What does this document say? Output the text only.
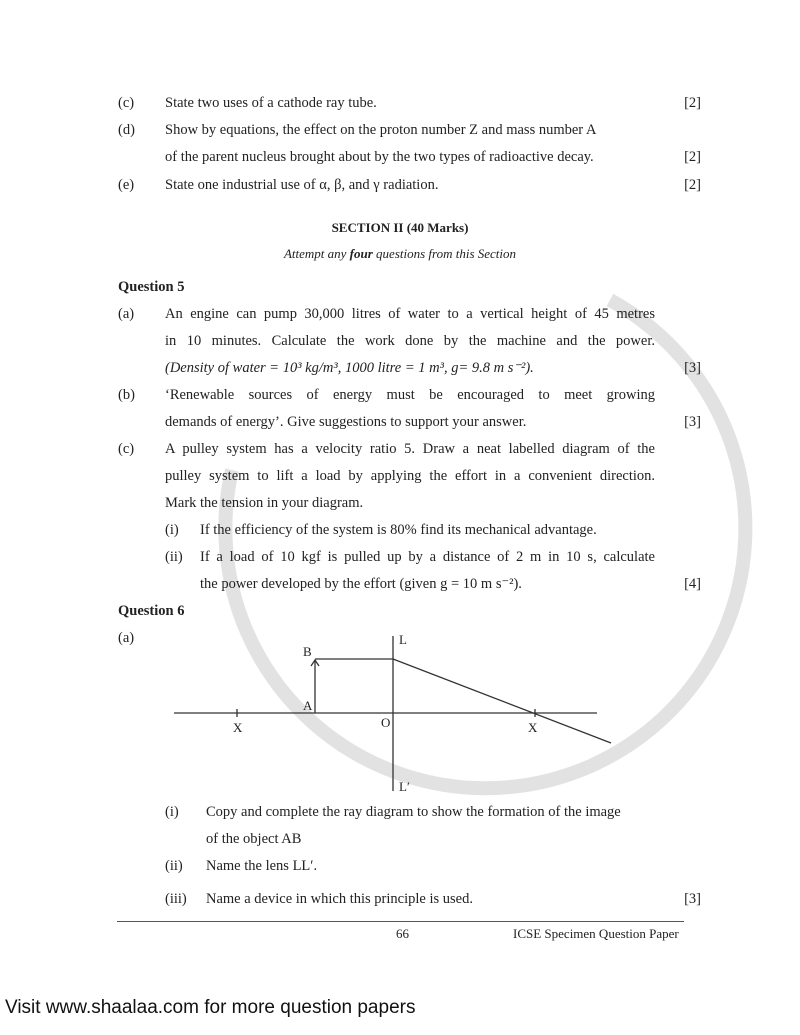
(c) State two uses of a cathode ray tube.	[2]
(d) Show by equations, the effect on the proton number Z and mass number A
of the parent nucleus brought about by the two types of radioactive decay.	[2]
(e) State one industrial use of α, β, and γ radiation.	[2]
SECTION II (40 Marks)
Attempt any four questions from this Section
Question 5
(a) An engine can pump 30,000 litres of water to a vertical height of 45 metres
in 10 minutes. Calculate the work done by the machine and the power.
(Density of water = 10³ kg/m³, 1000 litre = 1 m³, g= 9.8 m s⁻²).	[3]
(b) ‘Renewable sources of energy must be encouraged to meet growing
demands of energy’. Give suggestions to support your answer.	[3]
(c) A pulley system has a velocity ratio 5. Draw a neat labelled diagram of the
pulley system to lift a load by applying the effort in a convenient direction.
Mark the tension in your diagram.
(i) If the efficiency of the system is 80% find its mechanical advantage.
(ii) If a load of 10 kgf is pulled up by a distance of 2 m in 10 s, calculate
the power developed by the effort (given g = 10 m s⁻²).	[4]
Question 6
(a)
B
A
L
L′
O
X	X
(i) Copy and complete the ray diagram to show the formation of the image
of the object AB
(ii) Name the lens LL′.
(iii) Name a device in which this principle is used.	[3]
66	ICSE Specimen Question Paper
Visit www.shaalaa.com for more question papers
